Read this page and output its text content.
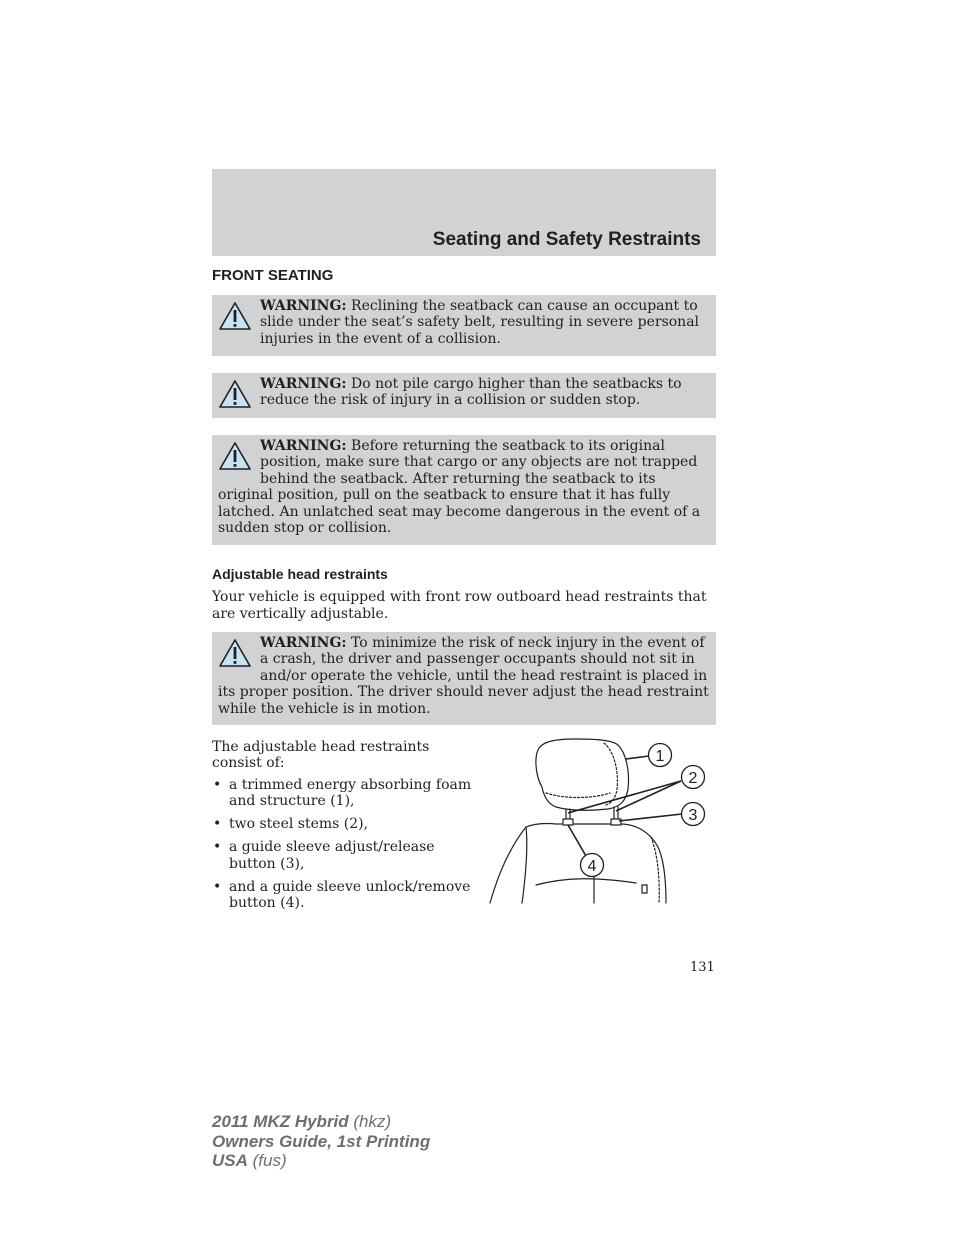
Seating and Safety Restraints
FRONT SEATING
WARNING: Reclining the seatback can cause an occupant to slide under the seat’s safety belt, resulting in severe personal injuries in the event of a collision.
WARNING: Do not pile cargo higher than the seatbacks to reduce the risk of injury in a collision or sudden stop.
WARNING: Before returning the seatback to its original position, make sure that cargo or any objects are not trapped behind the seatback. After returning the seatback to its original position, pull on the seatback to ensure that it has fully latched. An unlatched seat may become dangerous in the event of a sudden stop or collision.
Adjustable head restraints
Your vehicle is equipped with front row outboard head restraints that are vertically adjustable.
WARNING: To minimize the risk of neck injury in the event of a crash, the driver and passenger occupants should not sit in and/or operate the vehicle, until the head restraint is placed in its proper position. The driver should never adjust the head restraint while the vehicle is in motion.
The adjustable head restraints consist of:
• a trimmed energy absorbing foam and structure (1),
• two steel stems (2),
• a guide sleeve adjust/release button (3),
• and a guide sleeve unlock/remove button (4).
1
2
3
4
131
2011 MKZ Hybrid (hkz)
Owners Guide, 1st Printing
USA (fus)
